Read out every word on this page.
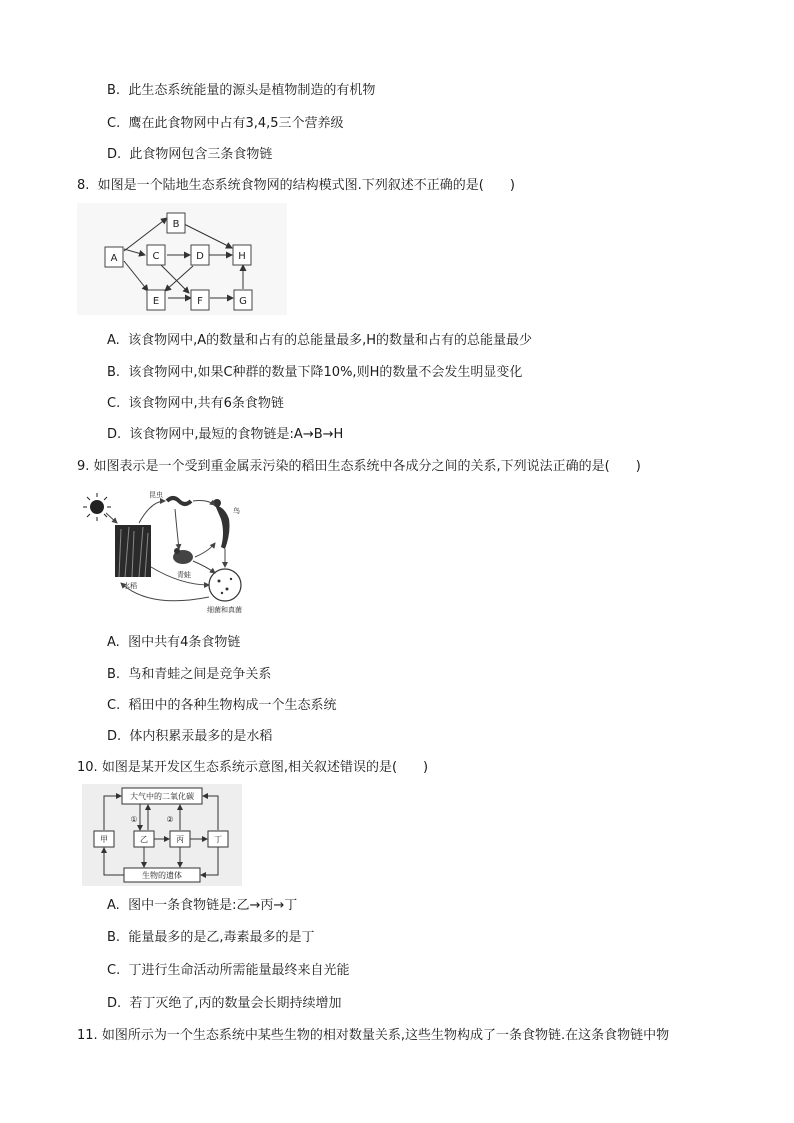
B. 此生态系统能量的源头是植物制造的有机物
C. 鹰在此食物网中占有3,4,5三个营养级
D. 此食物网包含三条食物链
8. 如图是一个陆地生态系统食物网的结构模式图.下列叙述不正确的是(　　)
A
B
C	D
E	F	G
H
A. 该食物网中,A的数量和占有的总能量最多,H的数量和占有的总能量最少
B. 该食物网中,如果C种群的数量下降10%,则H的数量不会发生明显变化
C. 该食物网中,共有6条食物链
D. 该食物网中,最短的食物链是:A→B→H
9. 如图表示是一个受到重金属汞污染的稻田生态系统中各成分之间的关系,下列说法正确的是(　　)
昆虫
鸟
青蛙
水稻
细菌和真菌
A. 图中共有4条食物链
B. 鸟和青蛙之间是竞争关系
C. 稻田中的各种生物构成一个生态系统
D. 体内积累汞最多的是水稻
10. 如图是某开发区生态系统示意图,相关叙述错误的是(　　)
大气中的二氧化碳
甲	乙	丙	丁
生物的遗体
①	②
A. 图中一条食物链是:乙→丙→丁
B. 能量最多的是乙,毒素最多的是丁
C. 丁进行生命活动所需能量最终来自光能
D. 若丁灭绝了,丙的数量会长期持续增加
11. 如图所示为一个生态系统中某些生物的相对数量关系,这些生物构成了一条食物链.在这条食物链中物
